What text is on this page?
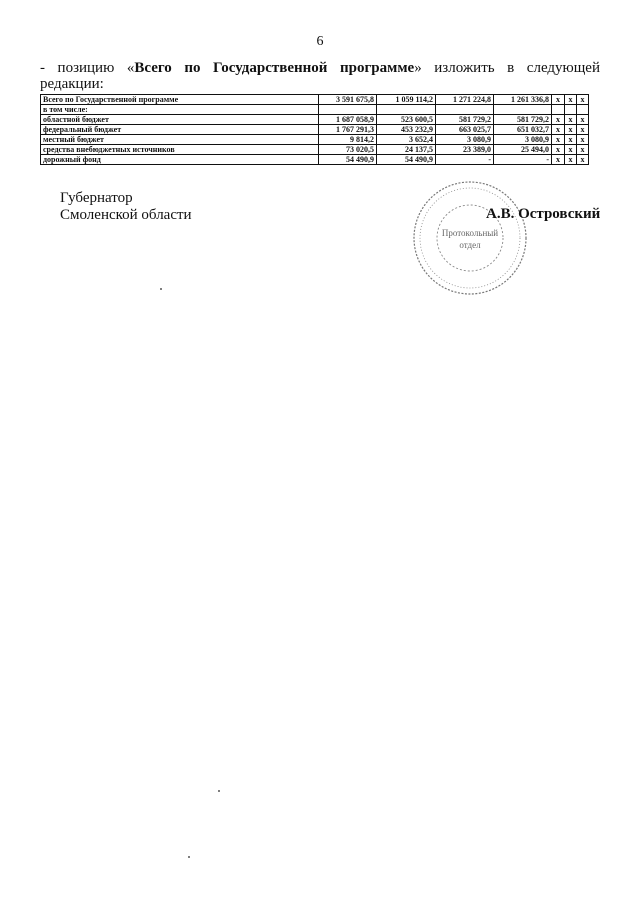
6
- позицию «Всего по Государственной программе» изложить в следующей
редакции:
Всего по Государственной программе	3 591 675,8	1 059 114,2	1 271 224,8	1 261 336,8	х	х	х
в том числе:							
областной бюджет	1 687 058,9	523 600,5	581 729,2	581 729,2	х	х	х
федеральный бюджет	1 767 291,3	453 232,9	663 025,7	651 032,7	х	х	х
местный бюджет	9 814,2	3 652,4	3 080,9	3 080,9	х	х	х
средства внебюджетных источников	73 020,5	24 137,5	23 389,0	25 494,0	х	х	х
дорожный фонд	54 490,9	54 490,9	-	-	х	х	х
Губернатор
Смоленской области
Протокольный
отдел
А.В. Островский
